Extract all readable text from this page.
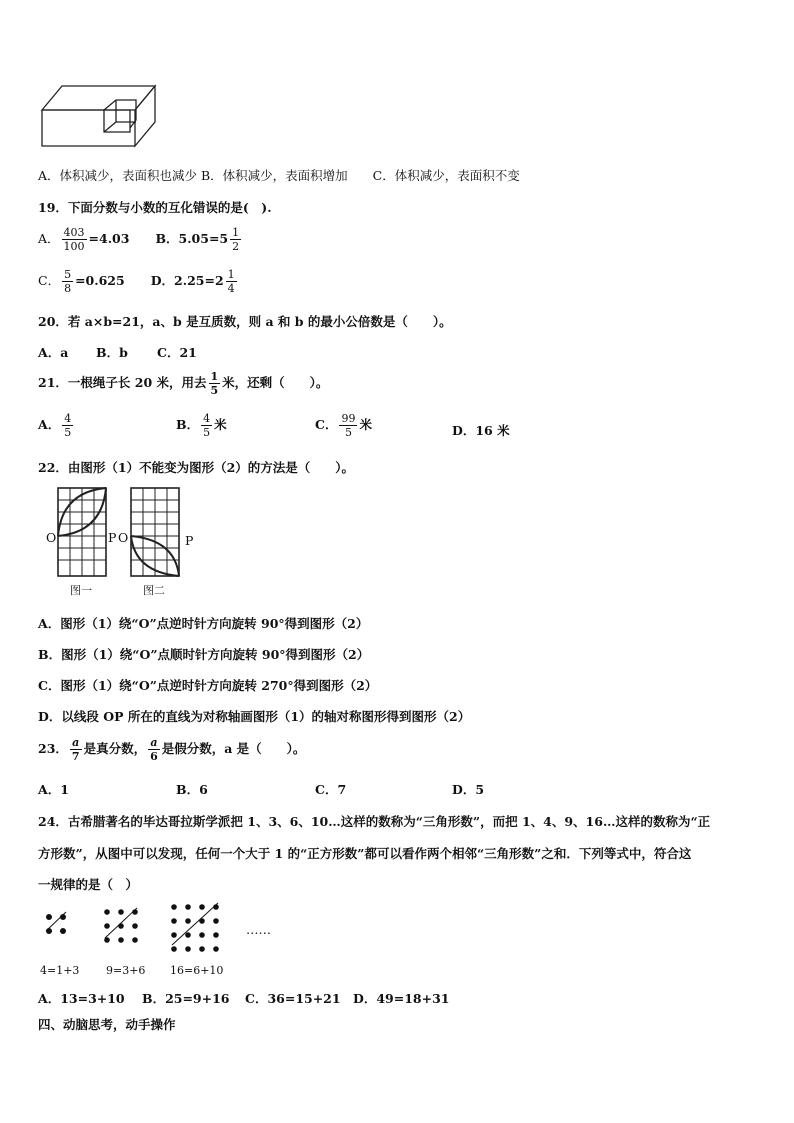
A．体积减少，表面积也减少 B．体积减少，表面积增加　　C．体积减少，表面积不变
19．下面分数与小数的互化错误的是(　).
A． $\frac{403}{100} =4.03$ B．$5.05=5 \frac{1}{2}$
C． $\frac{5}{8} =0.625$ D．$2.25=2 \frac{1}{4}$
20．若 a×b=21，a、b 是互质数，则 a 和 b 的最小公倍数是（　　）。
A．a B．b C．21
21．一根绳子长 20 米，用去 $\frac{1}{5}$ 米，还剩（　　）。
A． $\frac{4}{5}$	B． $\frac{4}{5}$ 米	C． $\frac{99}{5}$ 米	D．16 米
22．由图形（1）不能变为图形（2）的方法是（　　）。
O	P O	P
图一	图二
A．图形（1）绕“O”点逆时针方向旋转 90°得到图形（2）
B．图形（1）绕“O”点顺时针方向旋转 90°得到图形（2）
C．图形（1）绕“O”点逆时针方向旋转 270°得到图形（2）
D．以线段 OP 所在的直线为对称轴画图形（1）的轴对称图形得到图形（2）
23． $\frac{a}{7}$ 是真分数， $\frac{a}{6}$ 是假分数，a 是（　　）。
A．1	B．6	C．7	D．5
24．古希腊著名的毕达哥拉斯学派把 1、3、6、10…这样的数称为“三角形数”，而把 1、4、9、16…这样的数称为“正
方形数”，从图中可以发现，任何一个大于 1 的“正方形数”都可以看作两个相邻“三角形数”之和．下列等式中，符合这
一规律的是（　）
……
4=1+3 9=3+6 16=6+10
A．13=3+10 B．25=9+16 C．36=15+21 D．49=18+31
四、动脑思考，动手操作
